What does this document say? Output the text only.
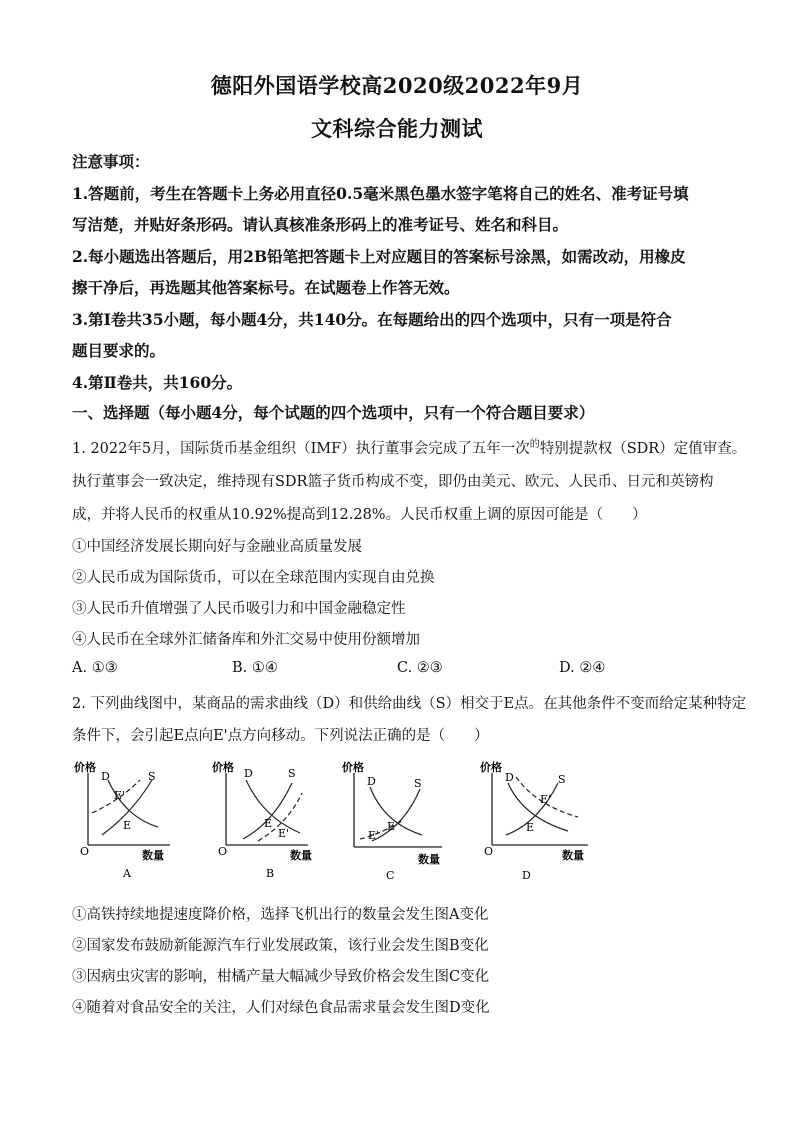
德阳外国语学校高2020级2022年9月
文科综合能力测试
注意事项：
1.答题前，考生在答题卡上务必用直径0.5毫米黑色墨水签字笔将自己的姓名、准考证号填
写洁楚，并贴好条形码。请认真核准条形码上的准考证号、姓名和科目。
2.每小题选出答题后，用2B铅笔把答题卡上对应题目的答案标号涂黑，如需改动，用橡皮
擦干净后，再选题其他答案标号。在试题卷上作答无效。
3.第Ⅰ卷共35小题，每小题4分，共140分。在每题给出的四个选项中，只有一项是符合
题目要求的。
4.第Ⅱ卷共，共160分。
一、选择题（每小题4分，每个试题的四个选项中，只有一个符合题目要求）
1. 2022年5月，国际货币基金组织（IMF）执行董事会完成了五年一次$^的$特别提款权（SDR）定值审查。
执行董事会一致决定，维持现有SDR篮子货币构成不变，即仍由美元、欧元、人民币、日元和英镑构
成，并将人民币的权重从10.92%提高到12.28%。人民币权重上调的原因可能是（　　）
①中国经济发展长期向好与金融业高质量发展
②人民币成为国际货币，可以在全球范围内实现自由兑换
③人民币升值增强了人民币吸引力和中国金融稳定性
④人民币在全球外汇储备库和外汇交易中使用份额增加
A. ①③	B. ①④	C. ②③	D. ②④
2. 下列曲线图中，某商品的需求曲线（D）和供给曲线（S）相交于E点。在其他条件不变而给定某种特定
条件下，会引起E点向E'点方向移动。下列说法正确的是（　　）
价格
O	数量
D	S
E'
E
A
价格
O	数量
D	S
E
E'
B
价格
数量
D	S
E
E'
C
价格
O	数量
D	S
E'
E
D
①高铁持续地提速度降价格，选择飞机出行的数量会发生图A变化
②国家发布鼓励新能源汽车行业发展政策，该行业会发生图B变化
③因病虫灾害的影响，柑橘产量大幅减少导致价格会发生图C变化
④随着对食品安全的关注，人们对绿色食品需求量会发生图D变化
